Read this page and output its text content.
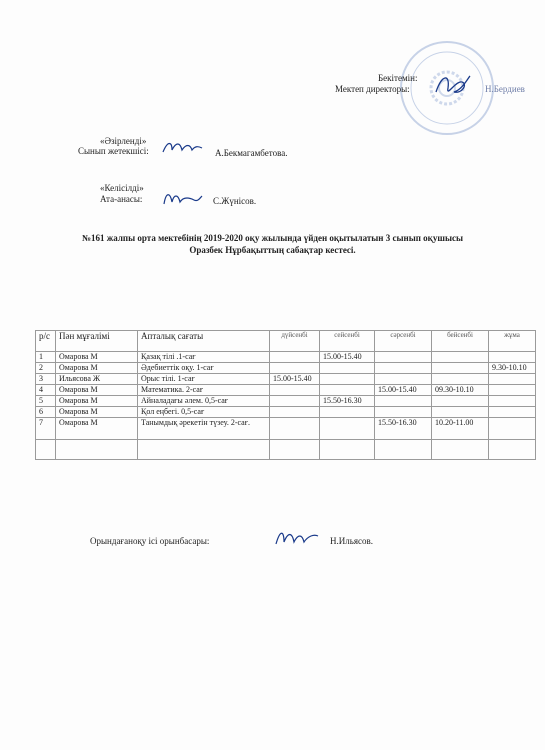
Бекітемін:
Мектеп директоры:	Н.Бердиев
«Әзірленді»
Сынып жетекшісі:	А.Бекмагамбетова.
«Келісілді»
Ата-анасы:	С.Жүнісов.
№161 жалпы орта мектебінің 2019-2020 оқу жылында үйден оқытылатын 3 сынып оқушысы
Оразбек Нұрбақыттың сабақтар кестесі.
р/с	Пән мұғалімі	Апталық сағаты	дүйсенбі	сейсенбі	сәрсенбі	бейсенбі	жұма
1	Омарова М	Қазақ тілі .1-сағ		15.00-15.40			
2	Омарова М	Әдебиеттік оқу. 1-сағ					9.30-10.10
3	Ильясова Ж	Орыс тілі. 1-сағ	15.00-15.40				
4	Омарова М	Математика. 2-сағ			15.00-15.40	09.30-10.10	
5	Омарова М	Айналадағы әлем. 0,5-сағ		15.50-16.30			
6	Омарова М	Қол еңбегі. 0,5-сағ					
7	Омарова М	Танымдық әрекетін түзеу. 2-сағ.			15.50-16.30	10.20-11.00	

Орындағаноқу ісі орынбасары:	Н.Ильясов.
